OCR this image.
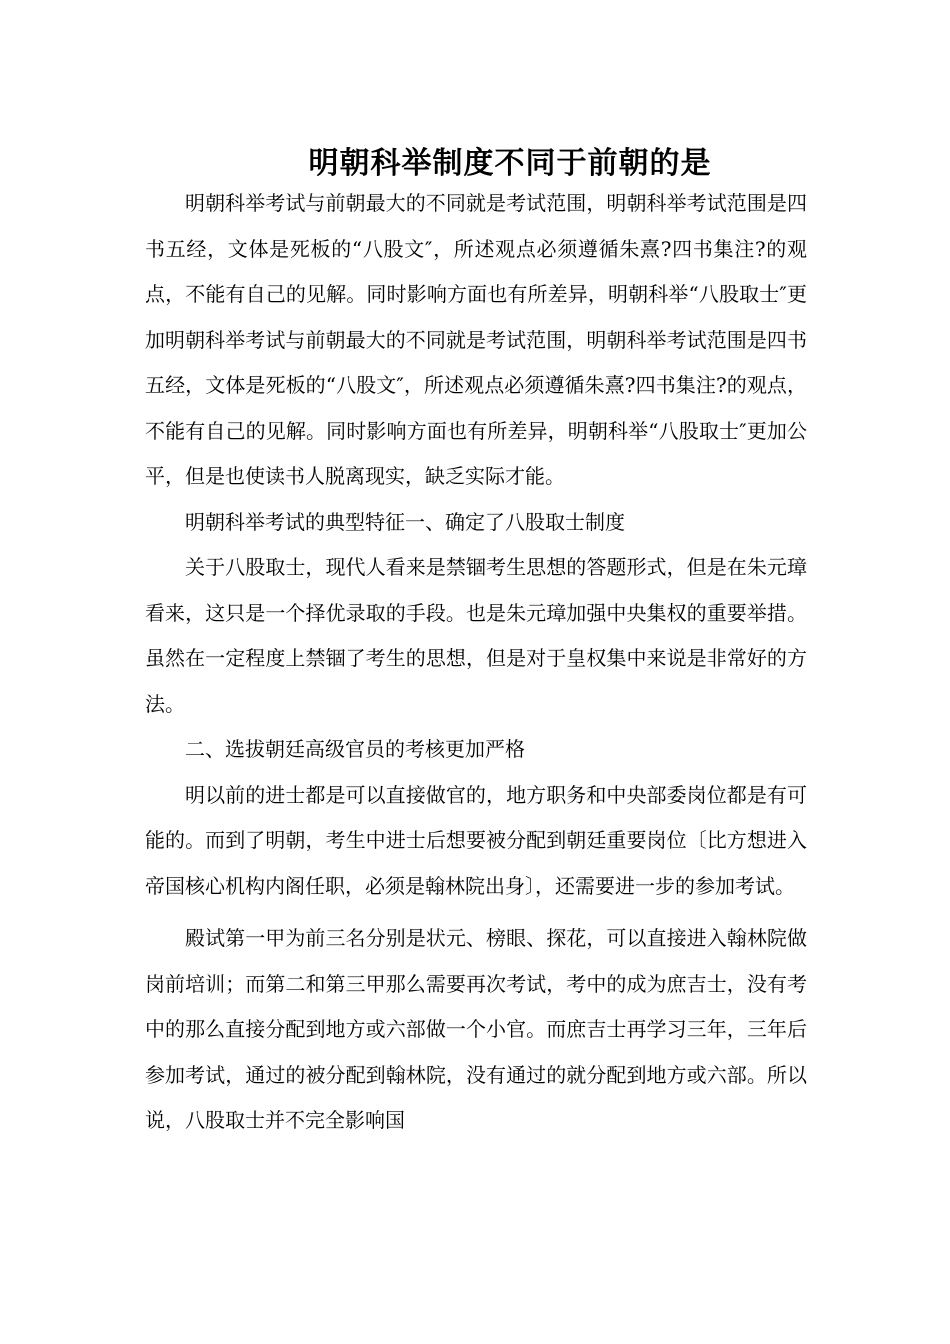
明朝科举制度不同于前朝的是

明朝科举考试与前朝最大的不同就是考试范围，明朝科举考试范围是四书五经，文体是死板的“八股文″，所述观点必须遵循朱熹?四书集注?的观点，不能有自己的见解。同时影响方面也有所差异，明朝科举“八股取士″更加明朝科举考试与前朝最大的不同就是考试范围，明朝科举考试范围是四书五经，文体是死板的“八股文″，所述观点必须遵循朱熹?四书集注?的观点，不能有自己的见解。同时影响方面也有所差异，明朝科举“八股取士″更加公平，但是也使读书人脱离现实，缺乏实际才能。

明朝科举考试的典型特征一、确定了八股取士制度

关于八股取士，现代人看来是禁锢考生思想的答题形式，但是在朱元璋看来，这只是一个择优录取的手段。也是朱元璋加强中央集权的重要举措。虽然在一定程度上禁锢了考生的思想，但是对于皇权集中来说是非常好的方法。

二、选拔朝廷高级官员的考核更加严格

明以前的进士都是可以直接做官的，地方职务和中央部委岗位都是有可能的。而到了明朝，考生中进士后想要被分配到朝廷重要岗位〔比方想进入帝国核心机构内阁任职，必须是翰林院出身〕，还需要进一步的参加考试。

殿试第一甲为前三名分别是状元、榜眼、探花，可以直接进入翰林院做岗前培训；而第二和第三甲那么需要再次考试，考中的成为庶吉士，没有考中的那么直接分配到地方或六部做一个小官。而庶吉士再学习三年，三年后参加考试，通过的被分配到翰林院，没有通过的就分配到地方或六部。所以说，八股取士并不完全影响国
